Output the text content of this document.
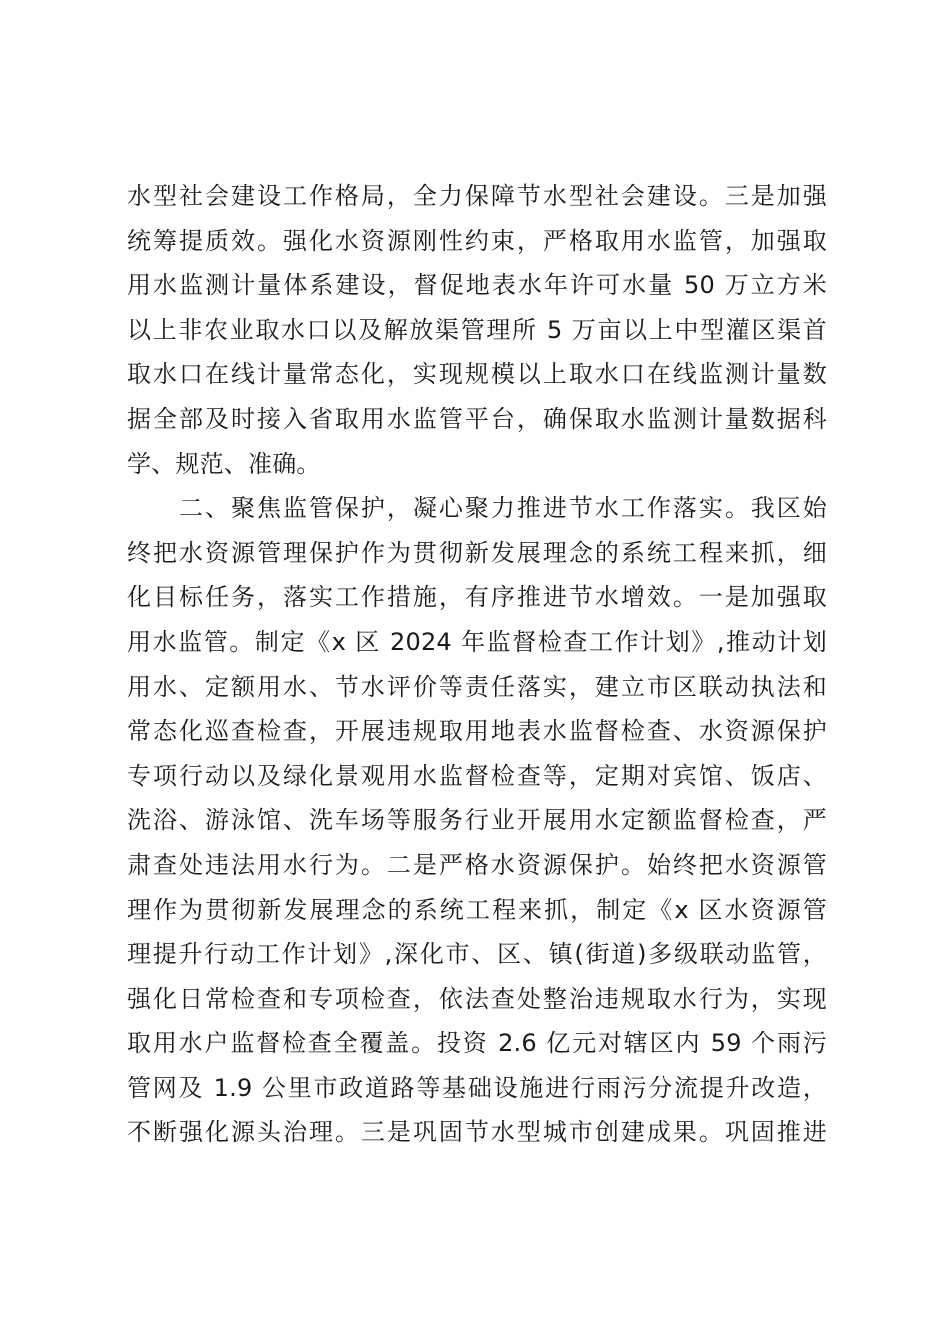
水型社会建设工作格局，全力保障节水型社会建设。三是加强
统筹提质效。强化水资源刚性约束，严格取用水监管，加强取
用水监测计量体系建设，督促地表水年许可水量 50 万立方米
以上非农业取水口以及解放渠管理所 5 万亩以上中型灌区渠首
取水口在线计量常态化，实现规模以上取水口在线监测计量数
据全部及时接入省取用水监管平台，确保取水监测计量数据科
学、规范、准确。
　　二、聚焦监管保护，凝心聚力推进节水工作落实。我区始
终把水资源管理保护作为贯彻新发展理念的系统工程来抓，细
化目标任务，落实工作措施，有序推进节水增效。一是加强取
用水监管。制定《x 区 2024 年监督检查工作计划》,推动计划
用水、定额用水、节水评价等责任落实，建立市区联动执法和
常态化巡查检查，开展违规取用地表水监督检查、水资源保护
专项行动以及绿化景观用水监督检查等，定期对宾馆、饭店、
洗浴、游泳馆、洗车场等服务行业开展用水定额监督检查，严
肃查处违法用水行为。二是严格水资源保护。始终把水资源管
理作为贯彻新发展理念的系统工程来抓，制定《x 区水资源管
理提升行动工作计划》,深化市、区、镇(街道)多级联动监管，
强化日常检查和专项检查，依法查处整治违规取水行为，实现
取用水户监督检查全覆盖。投资 2.6 亿元对辖区内 59 个雨污
管网及 1.9 公里市政道路等基础设施进行雨污分流提升改造，
不断强化源头治理。三是巩固节水型城市创建成果。巩固推进
